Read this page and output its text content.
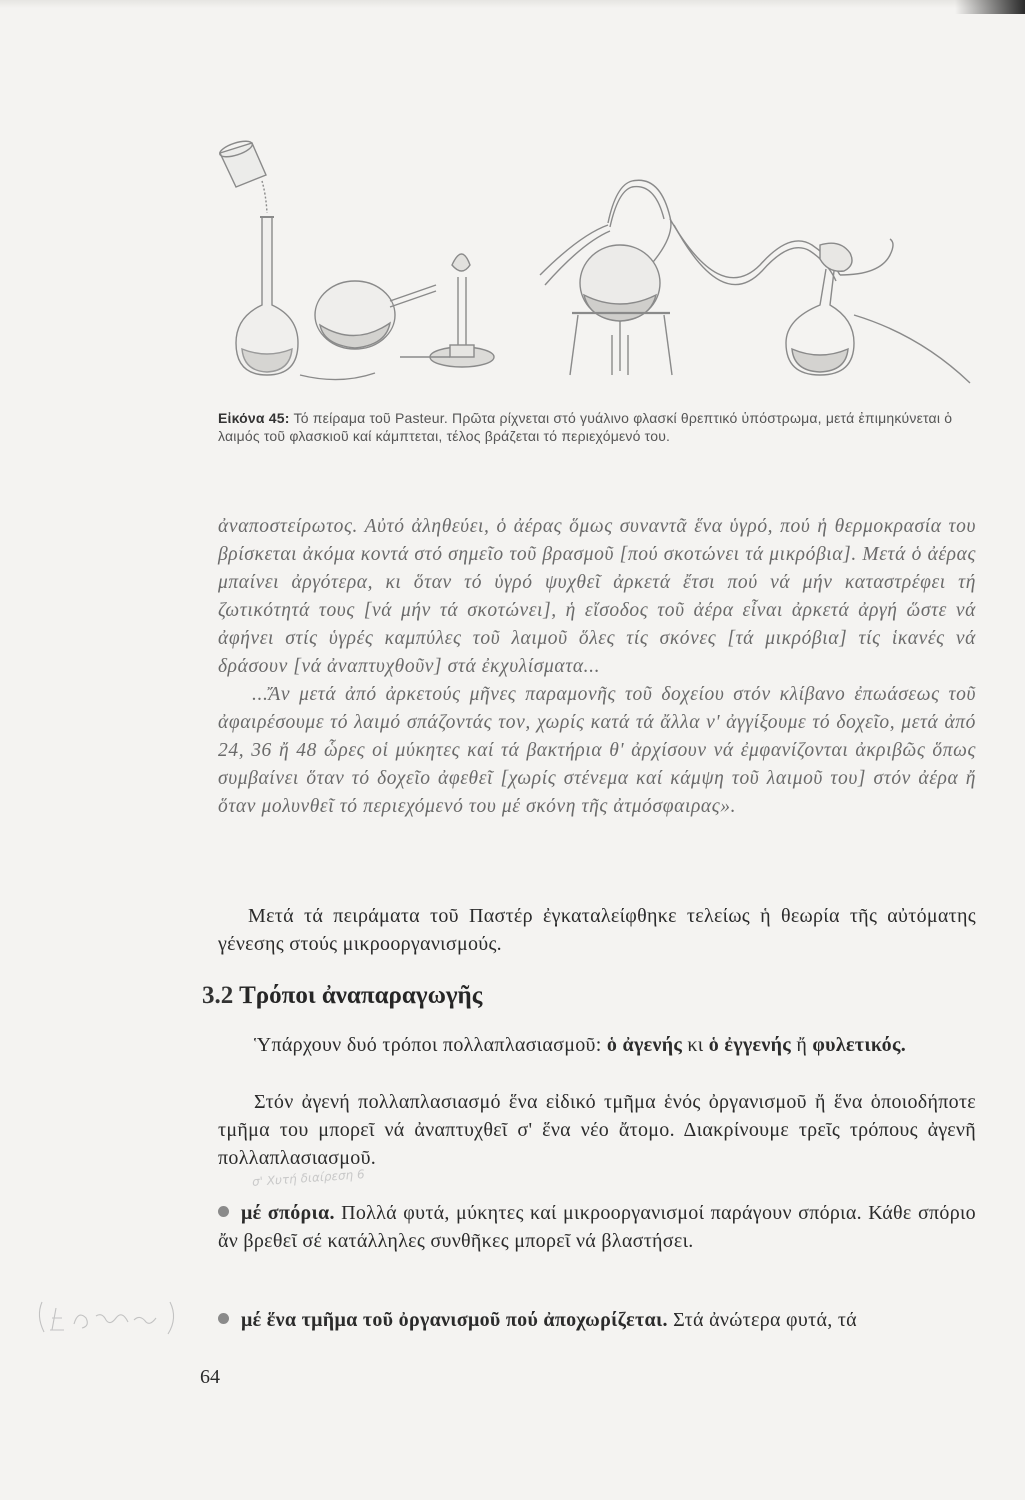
Εἰκόνα 45: Τό πείραμα τοῦ Pasteur. Πρῶτα ρίχνεται στό γυάλινο φλασκί θρεπτικό ὑπόστρωμα, μετά ἐπιμηκύνεται ὁ λαιμός τοῦ φλασκιοῦ καί κάμπτεται, τέλος βράζεται τό περιεχόμενό του.

ἀναποστείρωτος. Αὐτό ἀληθεύει, ὁ ἀέρας ὅμως συναντᾶ ἕνα ὑγρό, πού ἡ θερμοκρασία του βρίσκεται ἀκόμα κοντά στό σημεῖο τοῦ βρασμοῦ [πού σκοτώνει τά μικρόβια]. Μετά ὁ ἀέρας μπαίνει ἀργότερα, κι ὅταν τό ὑγρό ψυχθεῖ ἀρκετά ἔτσι πού νά μήν καταστρέφει τή ζωτικότητά τους [νά μήν τά σκοτώνει], ἡ εἴσοδος τοῦ ἀέρα εἶναι ἀρκετά ἀργή ὥστε νά ἀφήνει στίς ὑγρές καμπύλες τοῦ λαιμοῦ ὅλες τίς σκόνες [τά μικρόβια] τίς ἱκανές νά δράσουν [νά ἀναπτυχθοῦν] στά ἐκχυλίσματα...

...Ἄν μετά ἀπό ἀρκετούς μῆνες παραμονῆς τοῦ δοχείου στόν κλίβανο ἐπωάσεως τοῦ ἀφαιρέσουμε τό λαιμό σπάζοντάς τον, χωρίς κατά τά ἄλλα ν' ἀγγίξουμε τό δοχεῖο, μετά ἀπό 24, 36 ἤ 48 ὧρες οἱ μύκητες καί τά βακτήρια θ' ἀρχίσουν νά ἐμφανίζονται ἀκριβῶς ὅπως συμβαίνει ὅταν τό δοχεῖο ἀφεθεῖ [χωρίς στένεμα καί κάμψη τοῦ λαιμοῦ του] στόν ἀέρα ἤ ὅταν μολυνθεῖ τό περιεχόμενό του μέ σκόνη τῆς ἀτμόσφαιρας».

Μετά τά πειράματα τοῦ Παστέρ ἐγκαταλείφθηκε τελείως ἡ θεωρία τῆς αὐτόματης γένεσης στούς μικροοργανισμούς.

3.2 Τρόποι ἀναπαραγωγῆς

Ὑπάρχουν δυό τρόποι πολλαπλασιασμοῦ: ὁ ἀγενής κι ὁ ἐγγενής ἤ φυλετικός.

Στόν ἀγενή πολλαπλασιασμό ἕνα εἰδικό τμῆμα ἑνός ὀργανισμοῦ ἤ ἕνα ὁποιοδήποτε τμῆμα του μπορεῖ νά ἀναπτυχθεῖ σ' ἕνα νέο ἄτομο. Διακρίνουμε τρεῖς τρόπους ἀγενῆ πολλαπλασιασμοῦ.

σ' Χυτή διαίρεση 6

μέ σπόρια. Πολλά φυτά, μύκητες καί μικροοργανισμοί παράγουν σπόρια. Κάθε σπόριο ἄν βρεθεῖ σέ κατάλληλες συνθῆκες μπορεῖ νά βλαστήσει.

μέ ἕνα τμῆμα τοῦ ὀργανισμοῦ πού ἀποχωρίζεται. Στά ἀνώτερα φυτά, τά

64
